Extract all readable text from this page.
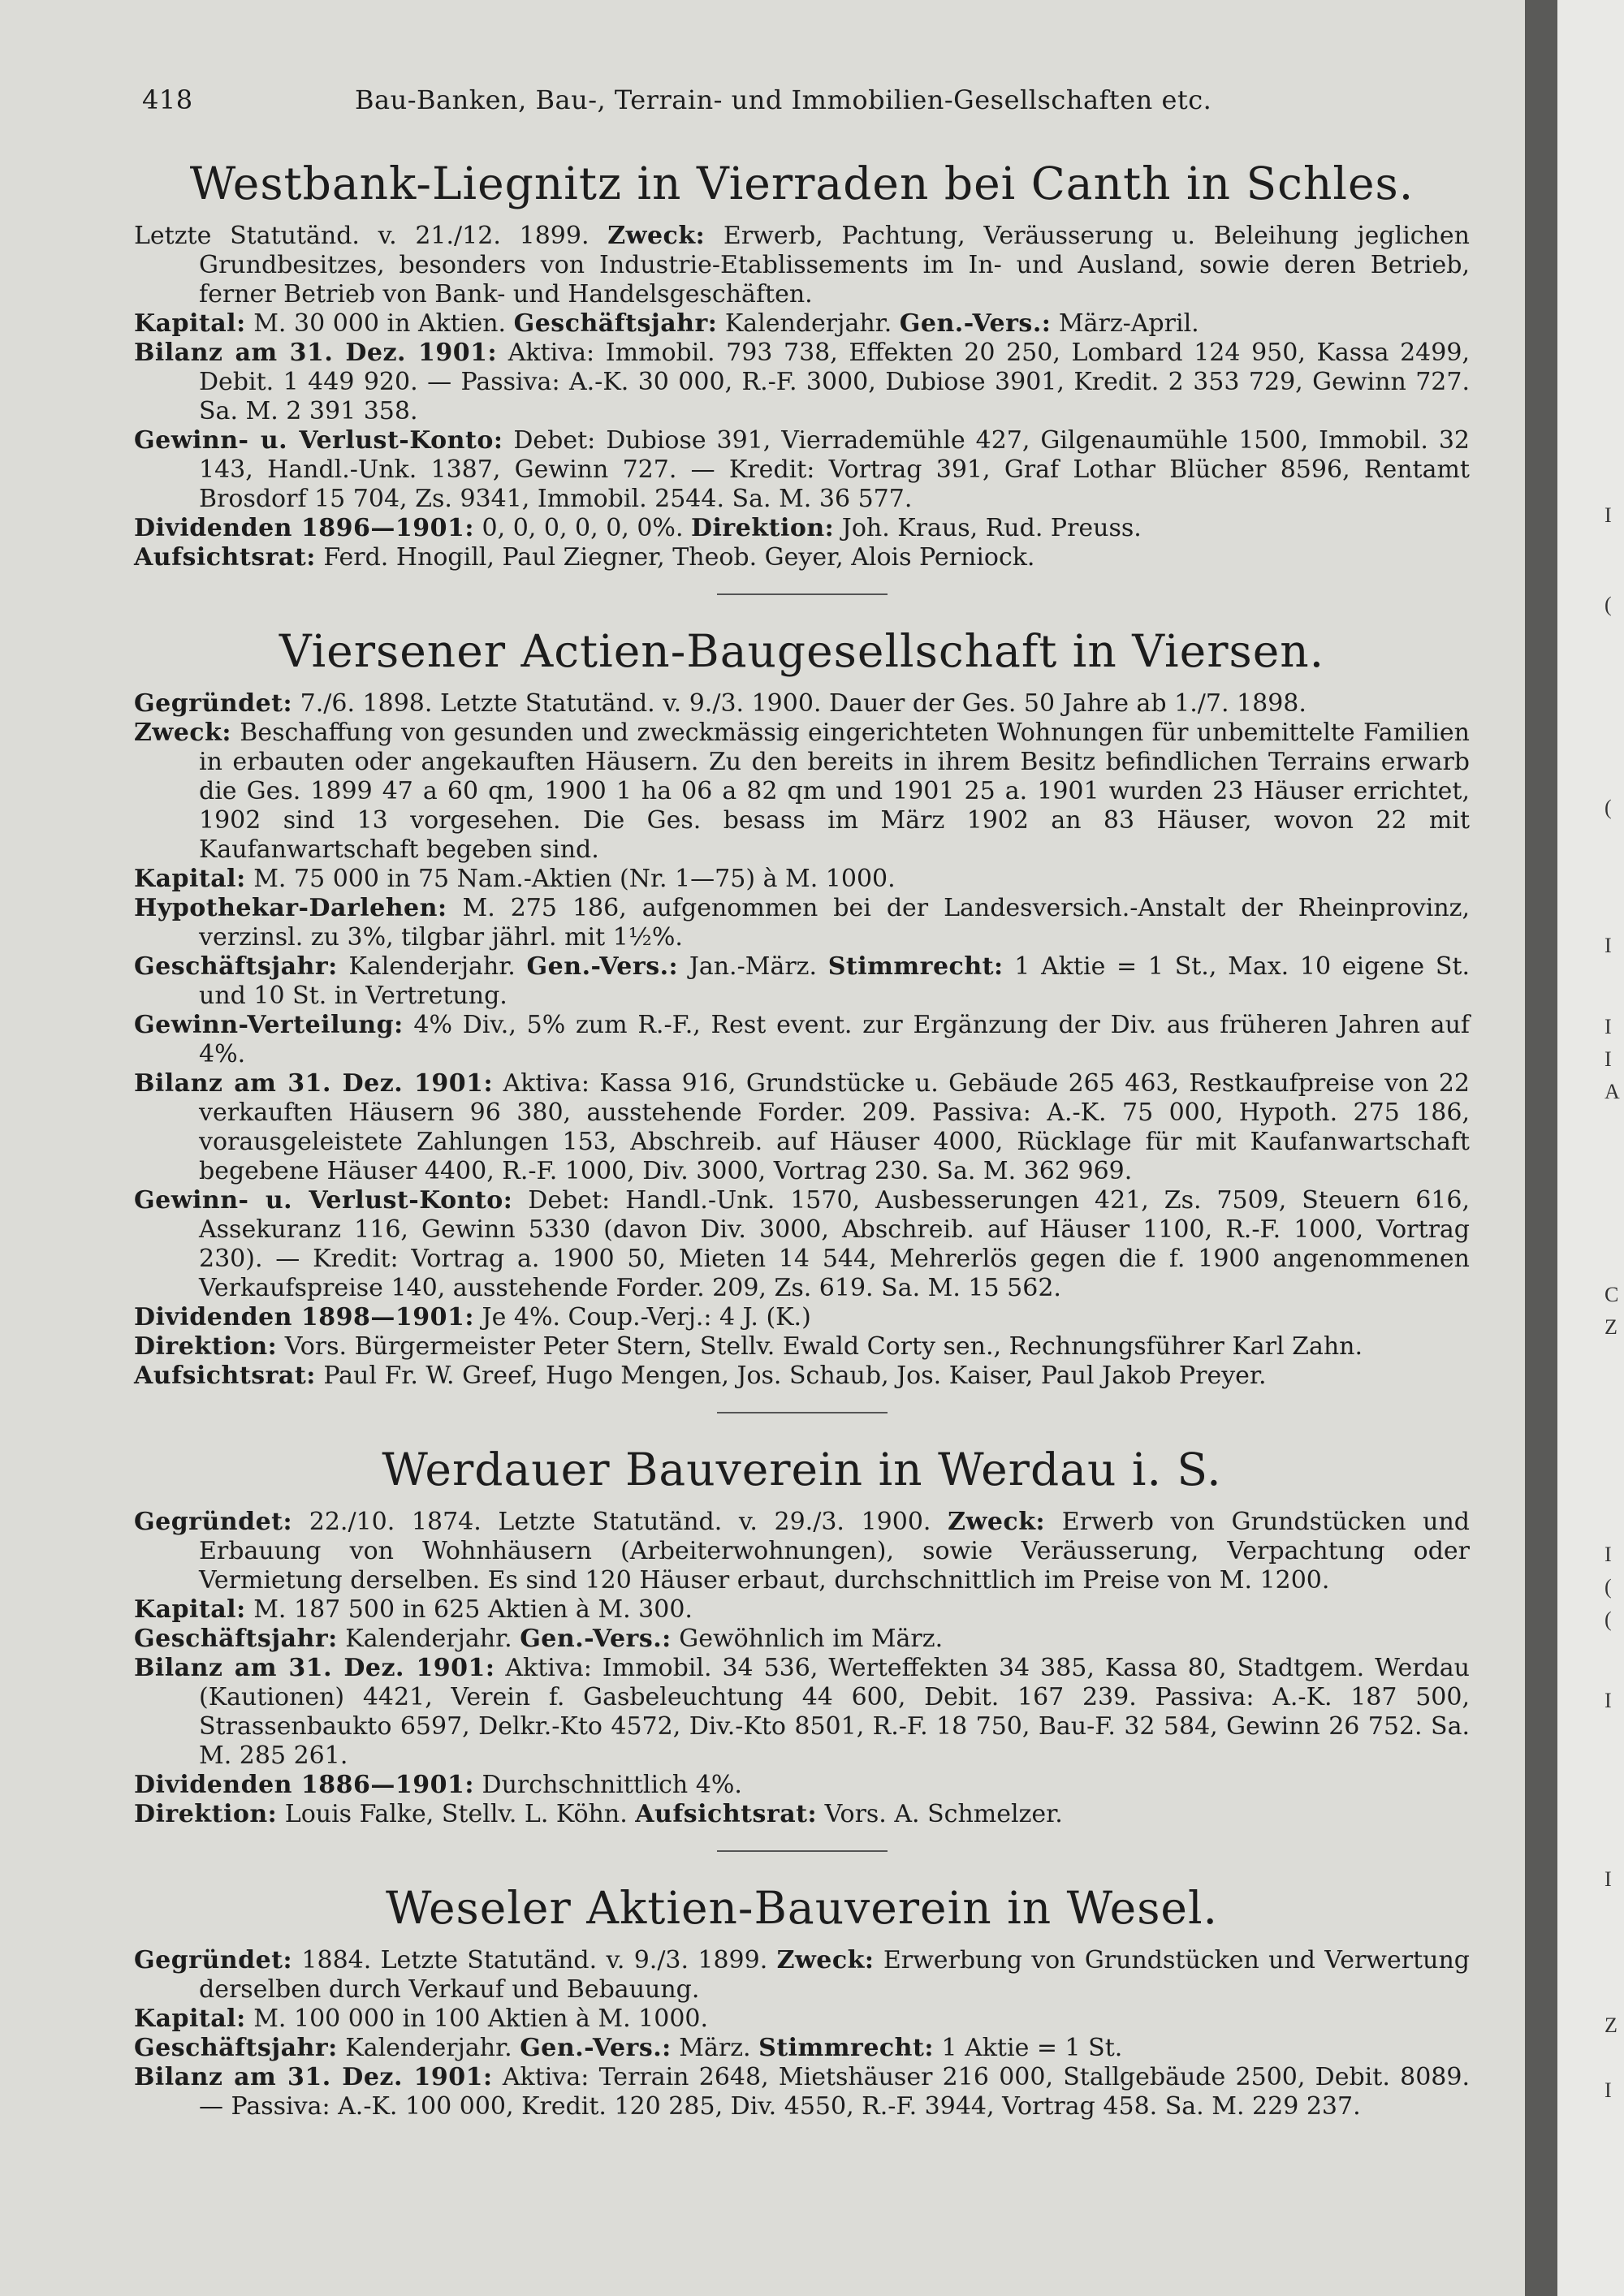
418	Bau-Banken, Bau-, Terrain- und Immobilien-Gesellschaften etc.
Westbank-Liegnitz in Vierraden bei Canth in Schles.

Letzte Statutänd. v. 21./12. 1899. Zweck: Erwerb, Pachtung, Veräusserung u. Beleihung jeglichen Grundbesitzes, besonders von Industrie-Etablissements im In- und Ausland, sowie deren Betrieb, ferner Betrieb von Bank- und Handelsgeschäften.

Kapital: M. 30 000 in Aktien. Geschäftsjahr: Kalenderjahr. Gen.-Vers.: März-April.

Bilanz am 31. Dez. 1901: Aktiva: Immobil. 793 738, Effekten 20 250, Lombard 124 950, Kassa 2499, Debit. 1 449 920. — Passiva: A.-K. 30 000, R.-F. 3000, Dubiose 3901, Kredit. 2 353 729, Gewinn 727. Sa. M. 2 391 358.

Gewinn- u. Verlust-Konto: Debet: Dubiose 391, Vierrademühle 427, Gilgenaumühle 1500, Immobil. 32 143, Handl.-Unk. 1387, Gewinn 727. — Kredit: Vortrag 391, Graf Lothar Blücher 8596, Rentamt Brosdorf 15 704, Zs. 9341, Immobil. 2544. Sa. M. 36 577.

Dividenden 1896—1901: 0, 0, 0, 0, 0, 0%. Direktion: Joh. Kraus, Rud. Preuss.

Aufsichtsrat: Ferd. Hnogill, Paul Ziegner, Theob. Geyer, Alois Perniock.

Viersener Actien-Baugesellschaft in Viersen.

Gegründet: 7./6. 1898. Letzte Statutänd. v. 9./3. 1900. Dauer der Ges. 50 Jahre ab 1./7. 1898.

Zweck: Beschaffung von gesunden und zweckmässig eingerichteten Wohnungen für unbemittelte Familien in erbauten oder angekauften Häusern. Zu den bereits in ihrem Besitz befindlichen Terrains erwarb die Ges. 1899 47 a 60 qm, 1900 1 ha 06 a 82 qm und 1901 25 a. 1901 wurden 23 Häuser errichtet, 1902 sind 13 vorgesehen. Die Ges. besass im März 1902 an 83 Häuser, wovon 22 mit Kaufanwartschaft begeben sind.

Kapital: M. 75 000 in 75 Nam.-Aktien (Nr. 1—75) à M. 1000.

Hypothekar-Darlehen: M. 275 186, aufgenommen bei der Landesversich.-Anstalt der Rheinprovinz, verzinsl. zu 3%, tilgbar jährl. mit 1½%.

Geschäftsjahr: Kalenderjahr. Gen.-Vers.: Jan.-März. Stimmrecht: 1 Aktie = 1 St., Max. 10 eigene St. und 10 St. in Vertretung.

Gewinn-Verteilung: 4% Div., 5% zum R.-F., Rest event. zur Ergänzung der Div. aus früheren Jahren auf 4%.

Bilanz am 31. Dez. 1901: Aktiva: Kassa 916, Grundstücke u. Gebäude 265 463, Restkaufpreise von 22 verkauften Häusern 96 380, ausstehende Forder. 209. Passiva: A.-K. 75 000, Hypoth. 275 186, vorausgeleistete Zahlungen 153, Abschreib. auf Häuser 4000, Rücklage für mit Kaufanwartschaft begebene Häuser 4400, R.-F. 1000, Div. 3000, Vortrag 230. Sa. M. 362 969.

Gewinn- u. Verlust-Konto: Debet: Handl.-Unk. 1570, Ausbesserungen 421, Zs. 7509, Steuern 616, Assekuranz 116, Gewinn 5330 (davon Div. 3000, Abschreib. auf Häuser 1100, R.-F. 1000, Vortrag 230). — Kredit: Vortrag a. 1900 50, Mieten 14 544, Mehrerlös gegen die f. 1900 angenommenen Verkaufspreise 140, ausstehende Forder. 209, Zs. 619. Sa. M. 15 562.

Dividenden 1898—1901: Je 4%. Coup.-Verj.: 4 J. (K.)

Direktion: Vors. Bürgermeister Peter Stern, Stellv. Ewald Corty sen., Rechnungsführer Karl Zahn.

Aufsichtsrat: Paul Fr. W. Greef, Hugo Mengen, Jos. Schaub, Jos. Kaiser, Paul Jakob Preyer.

Werdauer Bauverein in Werdau i. S.

Gegründet: 22./10. 1874. Letzte Statutänd. v. 29./3. 1900. Zweck: Erwerb von Grundstücken und Erbauung von Wohnhäusern (Arbeiterwohnungen), sowie Veräusserung, Verpachtung oder Vermietung derselben. Es sind 120 Häuser erbaut, durchschnittlich im Preise von M. 1200.

Kapital: M. 187 500 in 625 Aktien à M. 300.

Geschäftsjahr: Kalenderjahr. Gen.-Vers.: Gewöhnlich im März.

Bilanz am 31. Dez. 1901: Aktiva: Immobil. 34 536, Werteffekten 34 385, Kassa 80, Stadtgem. Werdau (Kautionen) 4421, Verein f. Gasbeleuchtung 44 600, Debit. 167 239. Passiva: A.-K. 187 500, Strassenbaukto 6597, Delkr.-Kto 4572, Div.-Kto 8501, R.-F. 18 750, Bau-F. 32 584, Gewinn 26 752. Sa. M. 285 261.

Dividenden 1886—1901: Durchschnittlich 4%.

Direktion: Louis Falke, Stellv. L. Köhn. Aufsichtsrat: Vors. A. Schmelzer.

Weseler Aktien-Bauverein in Wesel.

Gegründet: 1884. Letzte Statutänd. v. 9./3. 1899. Zweck: Erwerbung von Grundstücken und Verwertung derselben durch Verkauf und Bebauung.

Kapital: M. 100 000 in 100 Aktien à M. 1000.

Geschäftsjahr: Kalenderjahr. Gen.-Vers.: März. Stimmrecht: 1 Aktie = 1 St.

Bilanz am 31. Dez. 1901: Aktiva: Terrain 2648, Mietshäuser 216 000, Stallgebäude 2500, Debit. 8089. — Passiva: A.-K. 100 000, Kredit. 120 285, Div. 4550, R.-F. 3944, Vortrag 458. Sa. M. 229 237.

I
(
(
I
I
I
A
C
Z
I
(
(
I
I
Z
I
